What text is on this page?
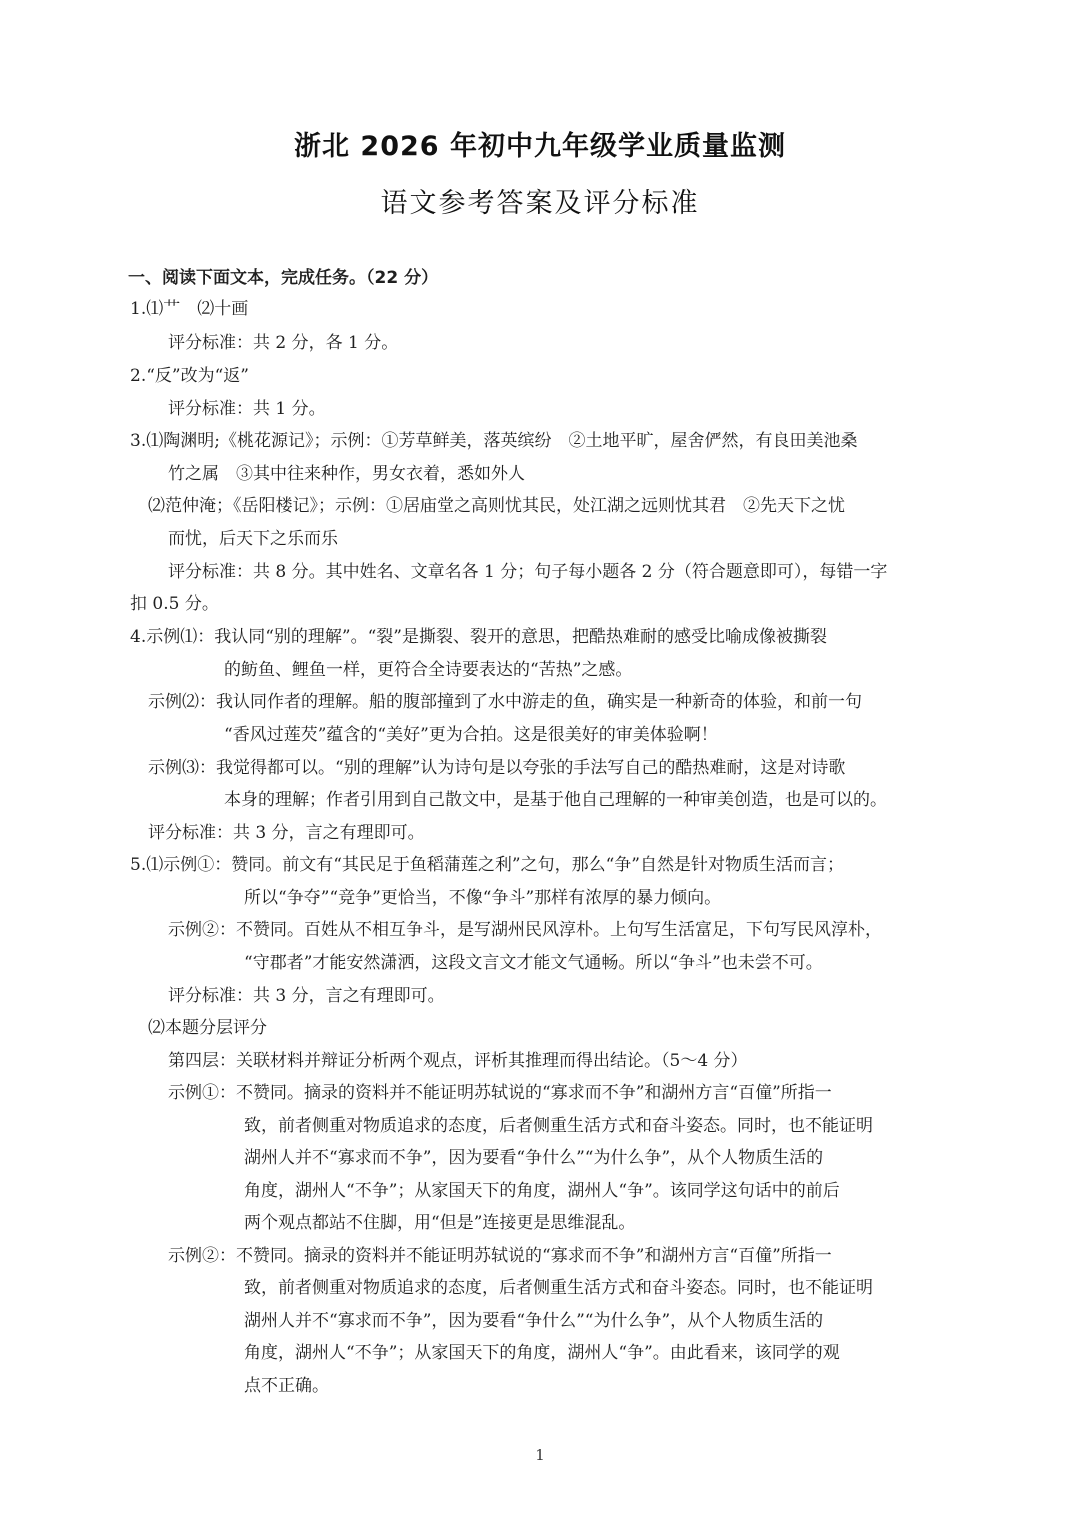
浙北 2026 年初中九年级学业质量监测
语文参考答案及评分标准
一、阅读下面文本，完成任务。（22 分）
1.⑴艹　⑵十画
评分标准：共 2 分，各 1 分。
2.“反”改为“返”
评分标准：共 1 分。
3.⑴陶渊明;《桃花源记》；示例：①芳草鲜美，落英缤纷　②土地平旷，屋舍俨然，有良田美池桑
竹之属　③其中往来种作，男女衣着，悉如外人
⑵范仲淹；《岳阳楼记》；示例：①居庙堂之高则忧其民，处江湖之远则忧其君　②先天下之忧
而忧，后天下之乐而乐
评分标准：共 8 分。其中姓名、文章名各 1 分；句子每小题各 2 分（符合题意即可），每错一字
扣 0.5 分。
4.示例⑴：我认同“别的理解”。“裂”是撕裂、裂开的意思，把酷热难耐的感受比喻成像被撕裂
的鲂鱼、鲤鱼一样，更符合全诗要表达的“苦热”之感。
示例⑵：我认同作者的理解。船的腹部撞到了水中游走的鱼，确实是一种新奇的体验，和前一句
“香风过莲芡”蕴含的“美好”更为合拍。这是很美好的审美体验啊！
示例⑶：我觉得都可以。“别的理解”认为诗句是以夸张的手法写自己的酷热难耐，这是对诗歌
本身的理解；作者引用到自己散文中，是基于他自己理解的一种审美创造，也是可以的。
评分标准：共 3 分，言之有理即可。
5.⑴示例①：赞同。前文有“其民足于鱼稻蒲莲之利”之句，那么“争”自然是针对物质生活而言；
所以“争夺”“竞争”更恰当，不像“争斗”那样有浓厚的暴力倾向。
示例②：不赞同。百姓从不相互争斗，是写湖州民风淳朴。上句写生活富足，下句写民风淳朴，
“守郡者”才能安然潇洒，这段文言文才能文气通畅。所以“争斗”也未尝不可。
评分标准：共 3 分，言之有理即可。
⑵本题分层评分
第四层：关联材料并辩证分析两个观点，评析其推理而得出结论。（5～4 分）
示例①：不赞同。摘录的资料并不能证明苏轼说的“寡求而不争”和湖州方言“百僮”所指一
致，前者侧重对物质追求的态度，后者侧重生活方式和奋斗姿态。同时，也不能证明
湖州人并不“寡求而不争”，因为要看“争什么”“为什么争”，从个人物质生活的
角度，湖州人“不争”；从家国天下的角度，湖州人“争”。该同学这句话中的前后
两个观点都站不住脚，用“但是”连接更是思维混乱。
示例②：不赞同。摘录的资料并不能证明苏轼说的“寡求而不争”和湖州方言“百僮”所指一
致，前者侧重对物质追求的态度，后者侧重生活方式和奋斗姿态。同时，也不能证明
湖州人并不“寡求而不争”，因为要看“争什么”“为什么争”，从个人物质生活的
角度，湖州人“不争”；从家国天下的角度，湖州人“争”。由此看来，该同学的观
点不正确。
1
